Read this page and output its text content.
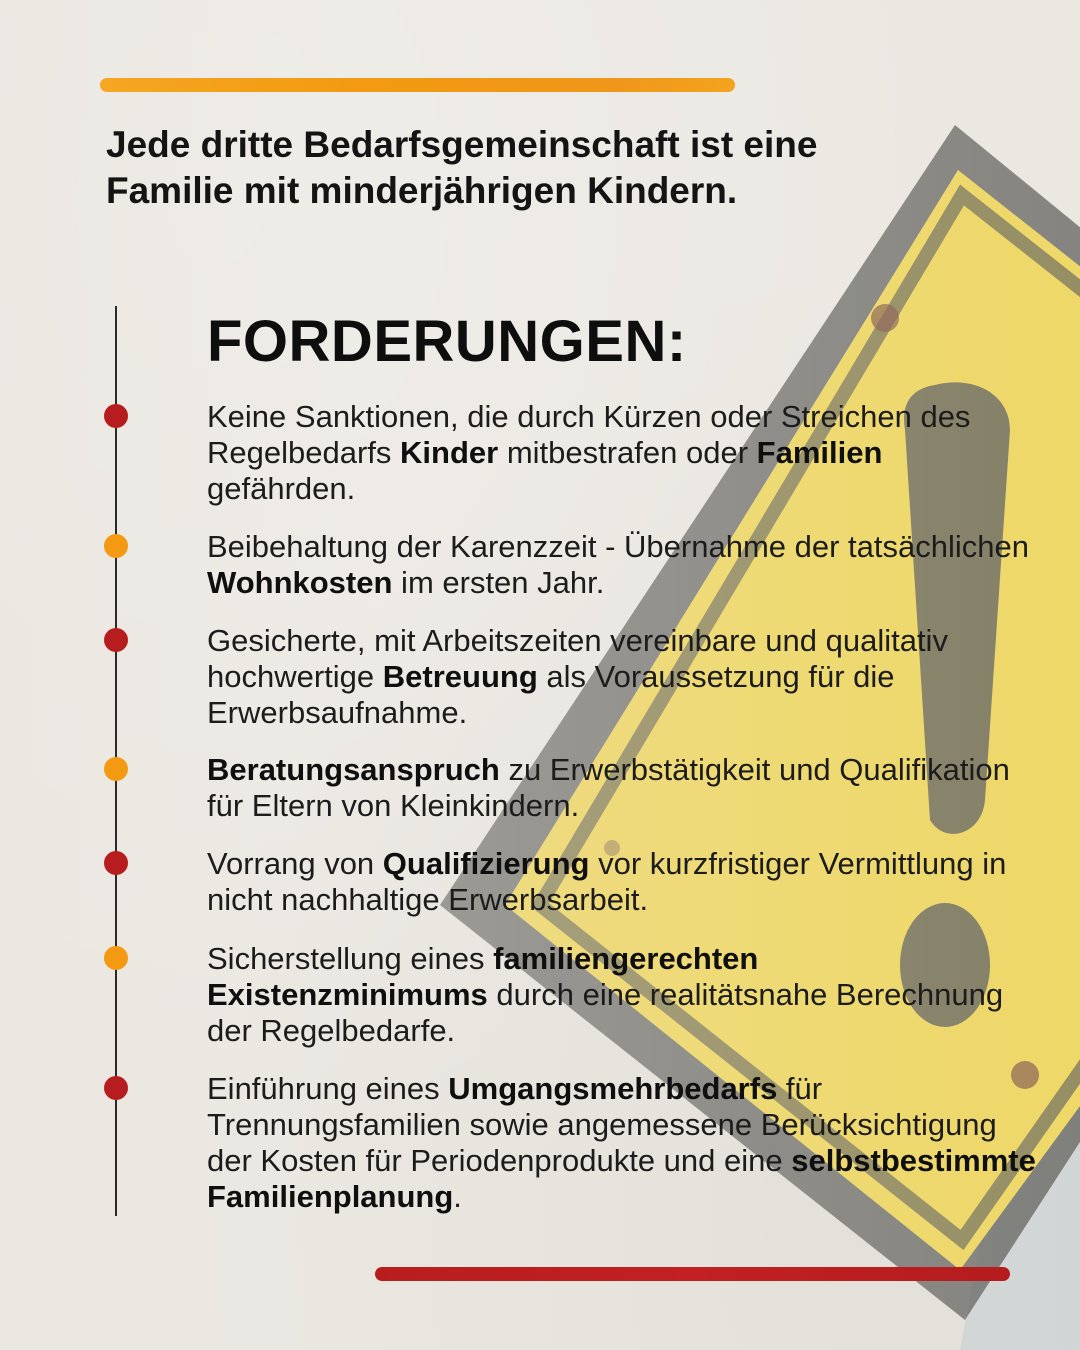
Jede dritte Bedarfsgemeinschaft ist eine
Familie mit minderjährigen Kindern.
FORDERUNGEN:
Keine Sanktionen, die durch Kürzen oder Streichen des Regelbedarfs Kinder mitbestrafen oder Familien gefährden.
Beibehaltung der Karenzzeit - Übernahme der tatsächlichen Wohnkosten im ersten Jahr.
Gesicherte, mit Arbeitszeiten vereinbare und qualitativ hochwertige Betreuung als Voraussetzung für die Erwerbsaufnahme.
Beratungsanspruch zu Erwerbstätigkeit und Qualifikation für Eltern von Kleinkindern.
Vorrang von Qualifizierung vor kurzfristiger Vermittlung in nicht nachhaltige Erwerbsarbeit.
Sicherstellung eines familiengerechten Existenzminimums durch eine realitätsnahe Berechnung der Regelbedarfe.
Einführung eines Umgangsmehrbedarfs für Trennungsfamilien sowie angemessene Berücksichtigung der Kosten für Periodenprodukte und eine selbstbestimmte Familienplanung.
